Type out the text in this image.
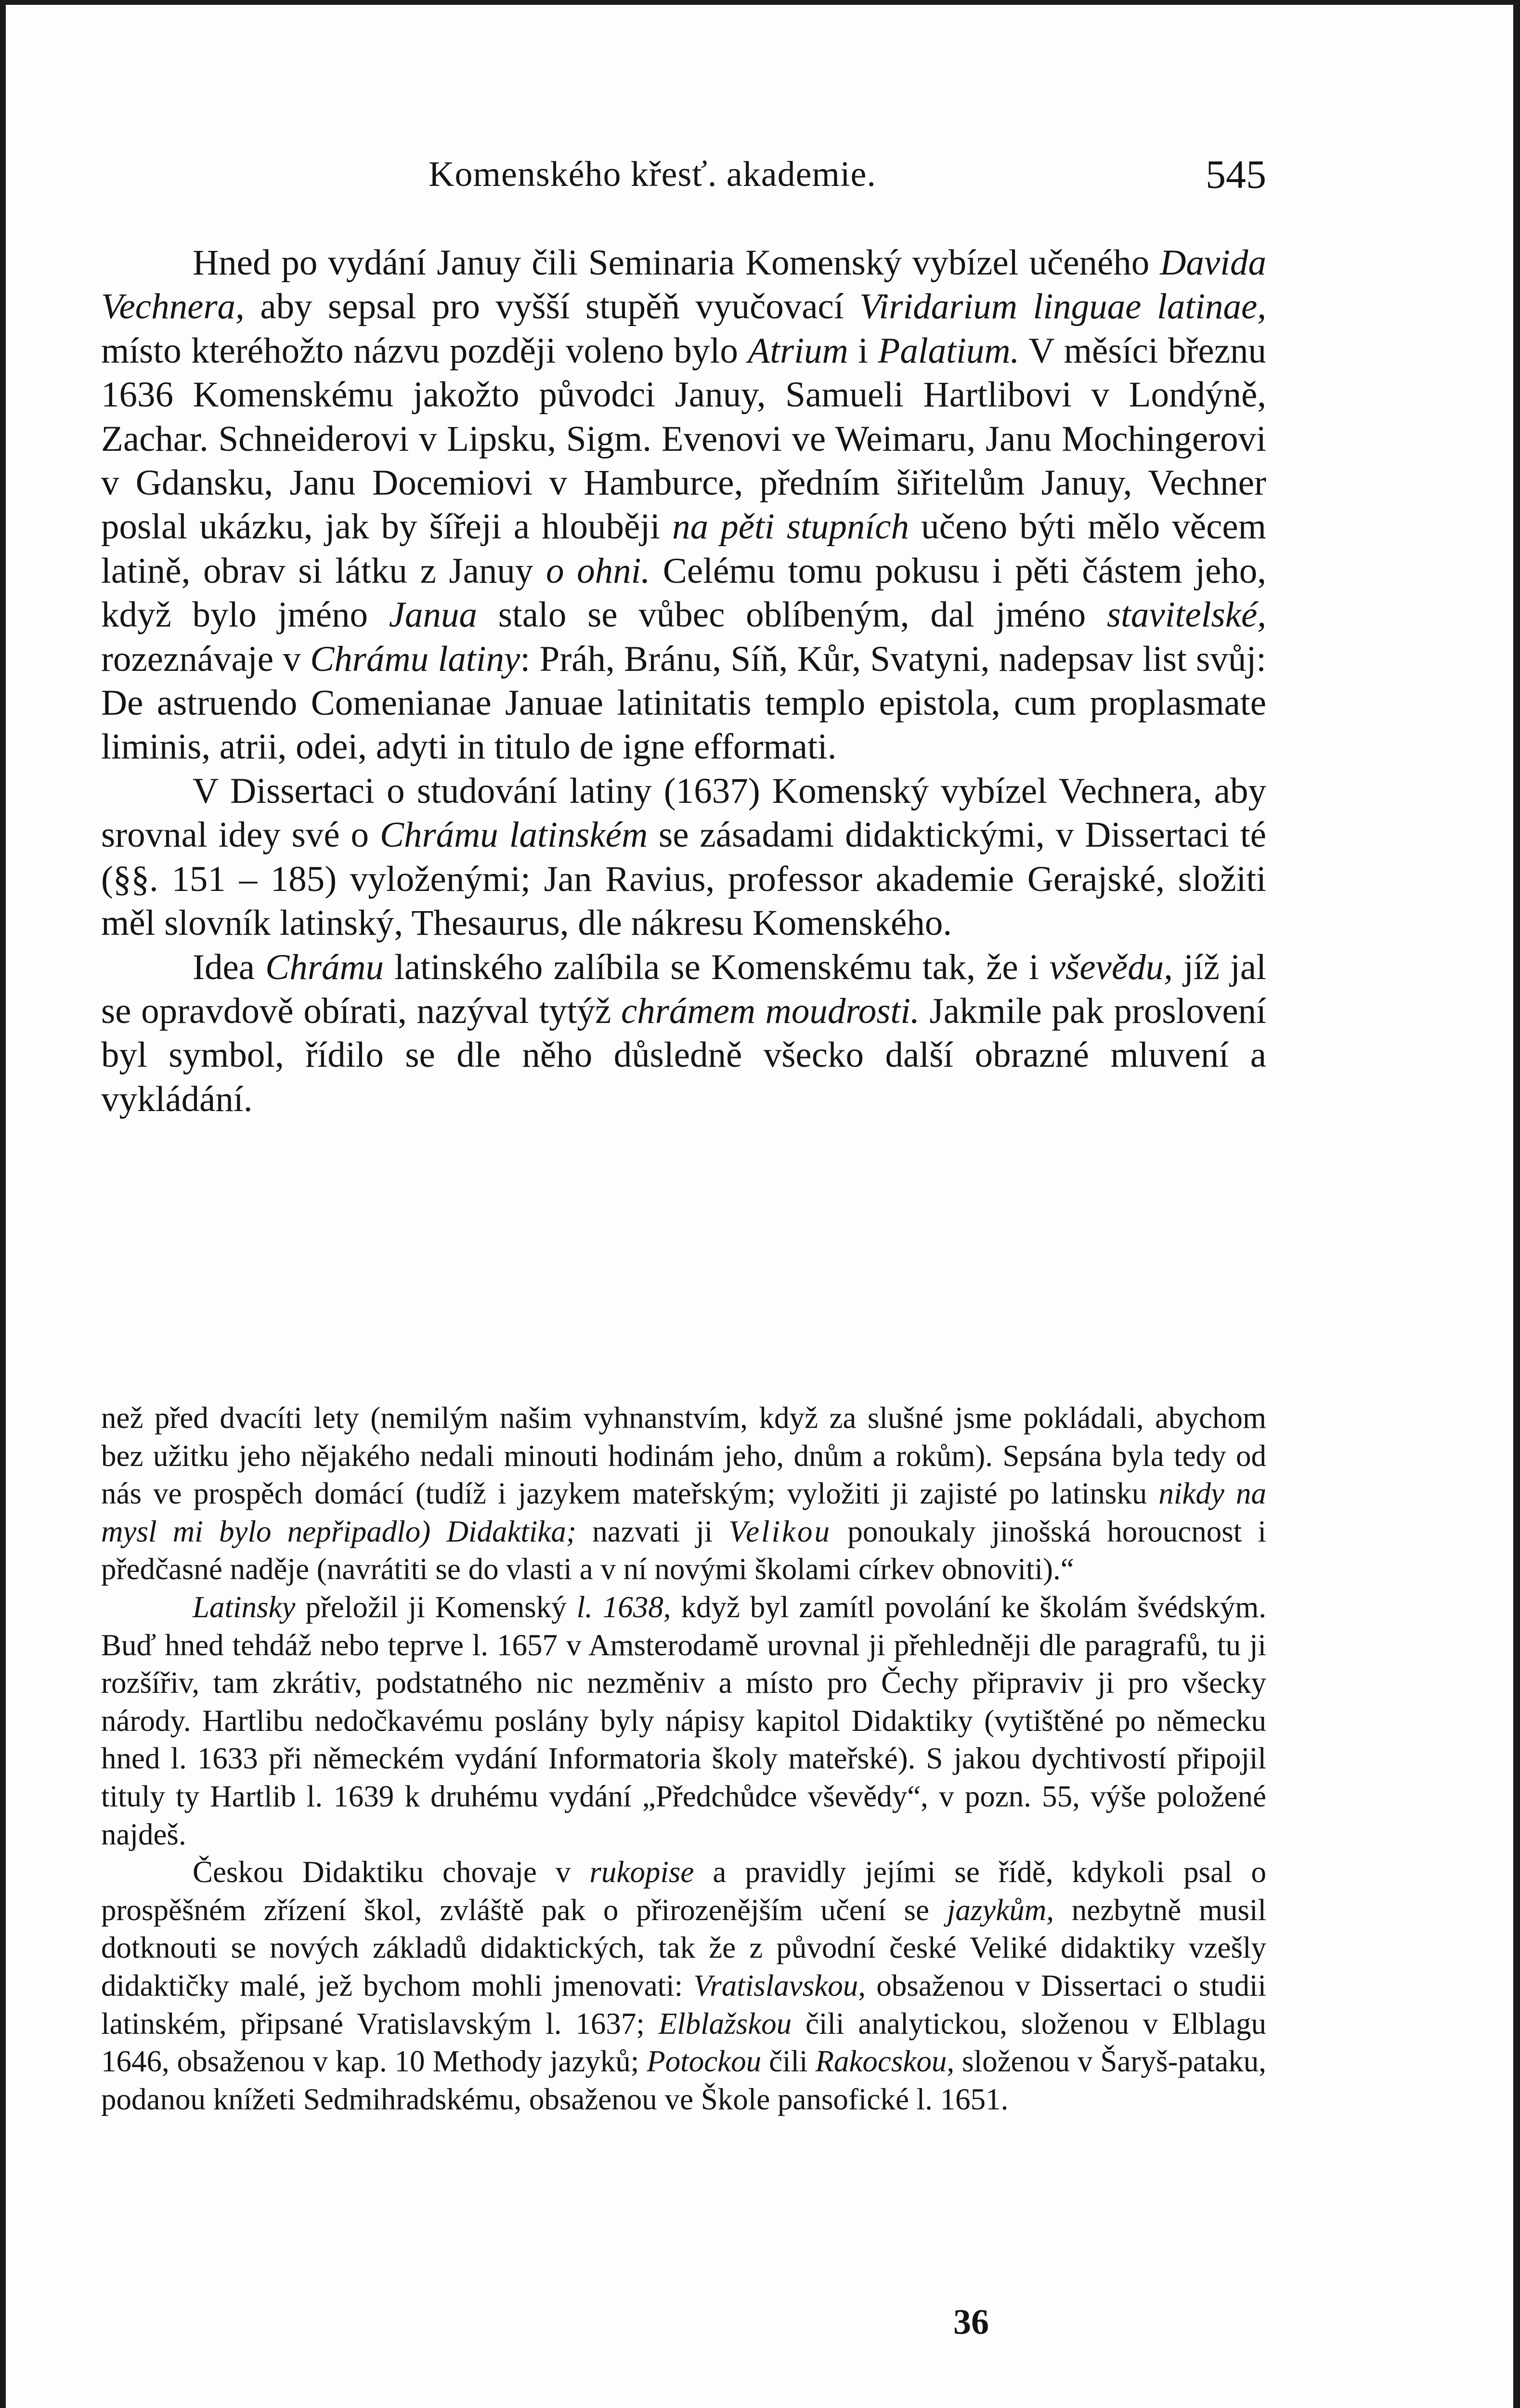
Komenského křesť. akademie.	545

Hned po vydání Januy čili Seminaria Komenský vybízel učeného Davida Vechnera, aby sepsal pro vyšší stupěň vyučovací Viridarium linguae latinae, místo kteréhožto názvu později voleno bylo Atrium i Palatium. V měsíci březnu 1636 Komenskému jakožto původci Januy, Samueli Hartlibovi v Londýně, Zachar. Schneiderovi v Lipsku, Sigm. Evenovi ve Weimaru, Janu Mochingerovi v Gdansku, Janu Docemiovi v Hamburce, předním šiřitelům Januy, Vechner poslal ukázku, jak by šířeji a hlouběji na pěti stupních učeno býti mělo věcem latině, obrav si látku z Januy o ohni. Celému tomu pokusu i pěti částem jeho, když bylo jméno Janua stalo se vůbec oblíbeným, dal jméno stavitelské, rozeznávaje v Chrámu latiny: Práh, Bránu, Síň, Kůr, Svatyni, nadepsav list svůj: De astruendo Comenianae Januae latinitatis templo epistola, cum proplasmate liminis, atrii, odei, adyti in titulo de igne efformati.

V Dissertaci o studování latiny (1637) Komenský vybízel Vechnera, aby srovnal idey své o Chrámu latinském se zásadami didaktickými, v Dissertaci té (§§. 151 – 185) vyloženými; Jan Ravius, professor akademie Gerajské, složiti měl slovník latinský, Thesaurus, dle nákresu Komenského.

Idea Chrámu latinského zalíbila se Komenskému tak, že i vševědu, jíž jal se opravdově obírati, nazýval tytýž chrámem moudrosti. Jakmile pak proslovení byl symbol, řídilo se dle něho důsledně všecko další obrazné mluvení a vykládání.

než před dvacíti lety (nemilým našim vyhnanstvím, když za slušné jsme pokládali, abychom bez užitku jeho nějakého nedali minouti hodinám jeho, dnům a rokům). Sepsána byla tedy od nás ve prospěch domácí (tudíž i jazykem mateřským; vyložiti ji zajisté po latinsku nikdy na mysl mi bylo nepřipadlo) Didaktika; nazvati ji Velikou ponoukaly jinošská horoucnost i předčasné naděje (navrátiti se do vlasti a v ní novými školami církev obnoviti).“

Latinsky přeložil ji Komenský l. 1638, když byl zamítl povolání ke školám švédským. Buď hned tehdáž nebo teprve l. 1657 v Amsterodamě urovnal ji přehledněji dle paragrafů, tu ji rozšířiv, tam zkrátiv, podstatného nic nezměniv a místo pro Čechy připraviv ji pro všecky národy. Hartlibu nedočkavému poslány byly nápisy kapitol Didaktiky (vytištěné po německu hned l. 1633 při německém vydání Informatoria školy mateřské). S jakou dychtivostí připojil tituly ty Hartlib l. 1639 k druhému vydání „Předchůdce vševědy“, v pozn. 55, výše položené najdeš.

Českou Didaktiku chovaje v rukopise a pravidly jejími se řídě, kdykoli psal o prospěšném zřízení škol, zvláště pak o přirozenějším učení se jazykům, nezbytně musil dotknouti se nových základů didaktických, tak že z původní české Veliké didaktiky vzešly didaktičky malé, jež bychom mohli jmenovati: Vratislavskou, obsaženou v Dissertaci o studii latinském, připsané Vratislavským l. 1637; Elblažskou čili analytickou, složenou v Elblagu 1646, obsaženou v kap. 10 Methody jazyků; Potockou čili Rakocskou, složenou v Šaryš-pataku, podanou knížeti Sedmihradskému, obsaženou ve Škole pansofické l. 1651.

36
